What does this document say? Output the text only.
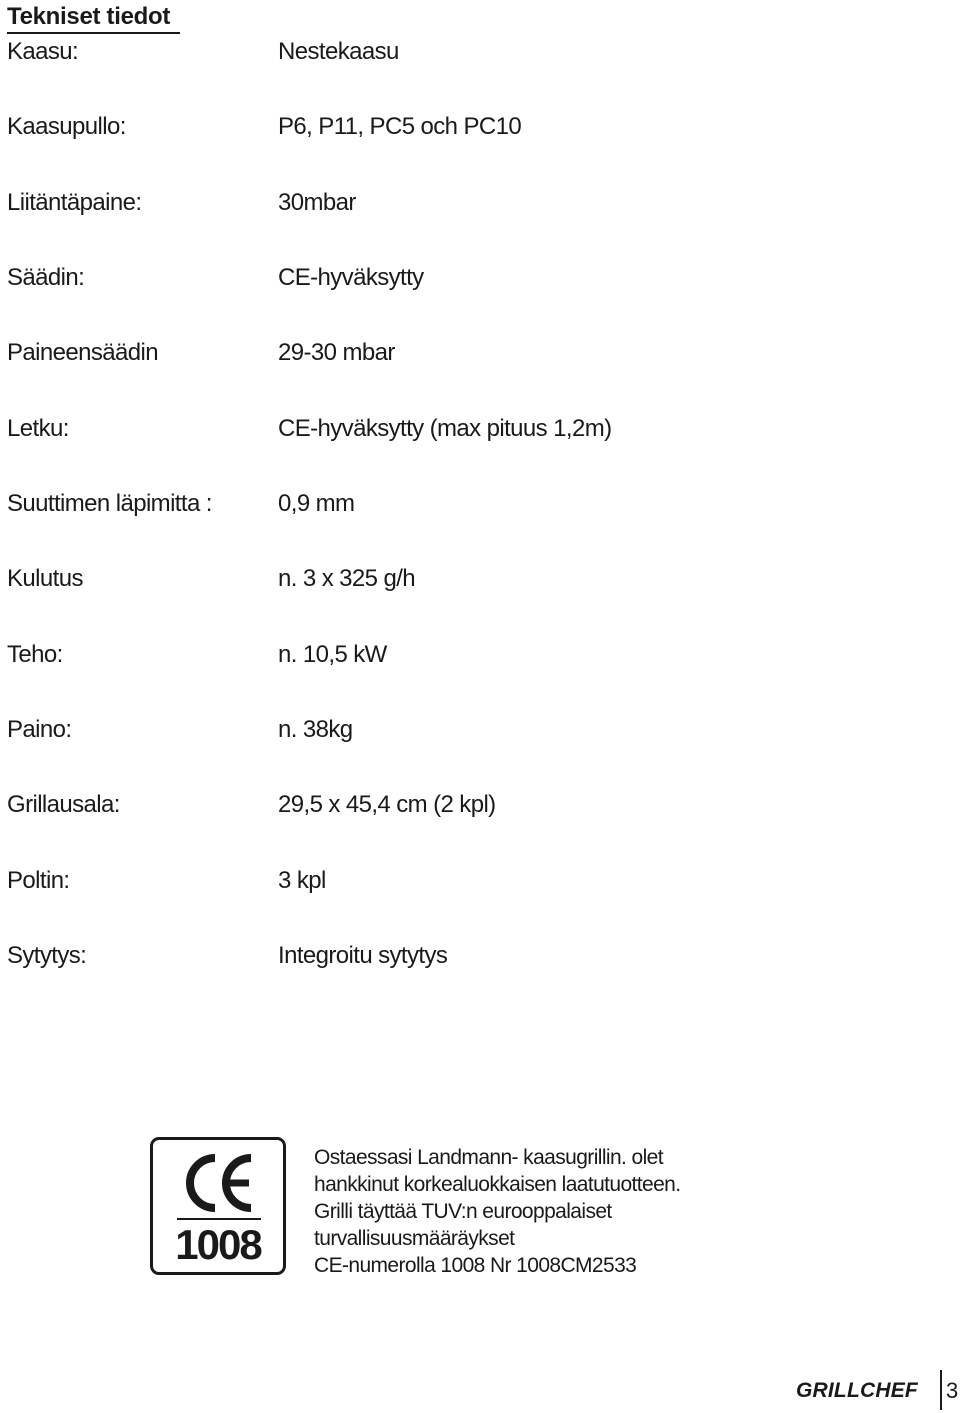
Tekniset tiedot
Kaasu:	Nestekaasu
Kaasupullo:	P6, P11, PC5 och PC10
Liitäntäpaine:	30mbar
Säädin:	CE-hyväksytty
Paineensäädin	29-30 mbar
Letku:	CE-hyväksytty (max pituus 1,2m)
Suuttimen läpimitta :	0,9 mm
Kulutus	n. 3 x 325 g/h
Teho:	n. 10,5 kW
Paino:	n. 38kg
Grillausala:	29,5 x 45,4 cm (2 kpl)
Poltin:	3 kpl
Sytytys:	Integroitu sytytys
1008
Ostaessasi Landmann- kaasugrillin. olet
hankkinut korkealuokkaisen laatutuotteen.
Grilli täyttää TUV:n eurooppalaiset
turvallisuusmääräykset
CE-numerolla 1008 Nr 1008CM2533
GRILLCHEF 3
